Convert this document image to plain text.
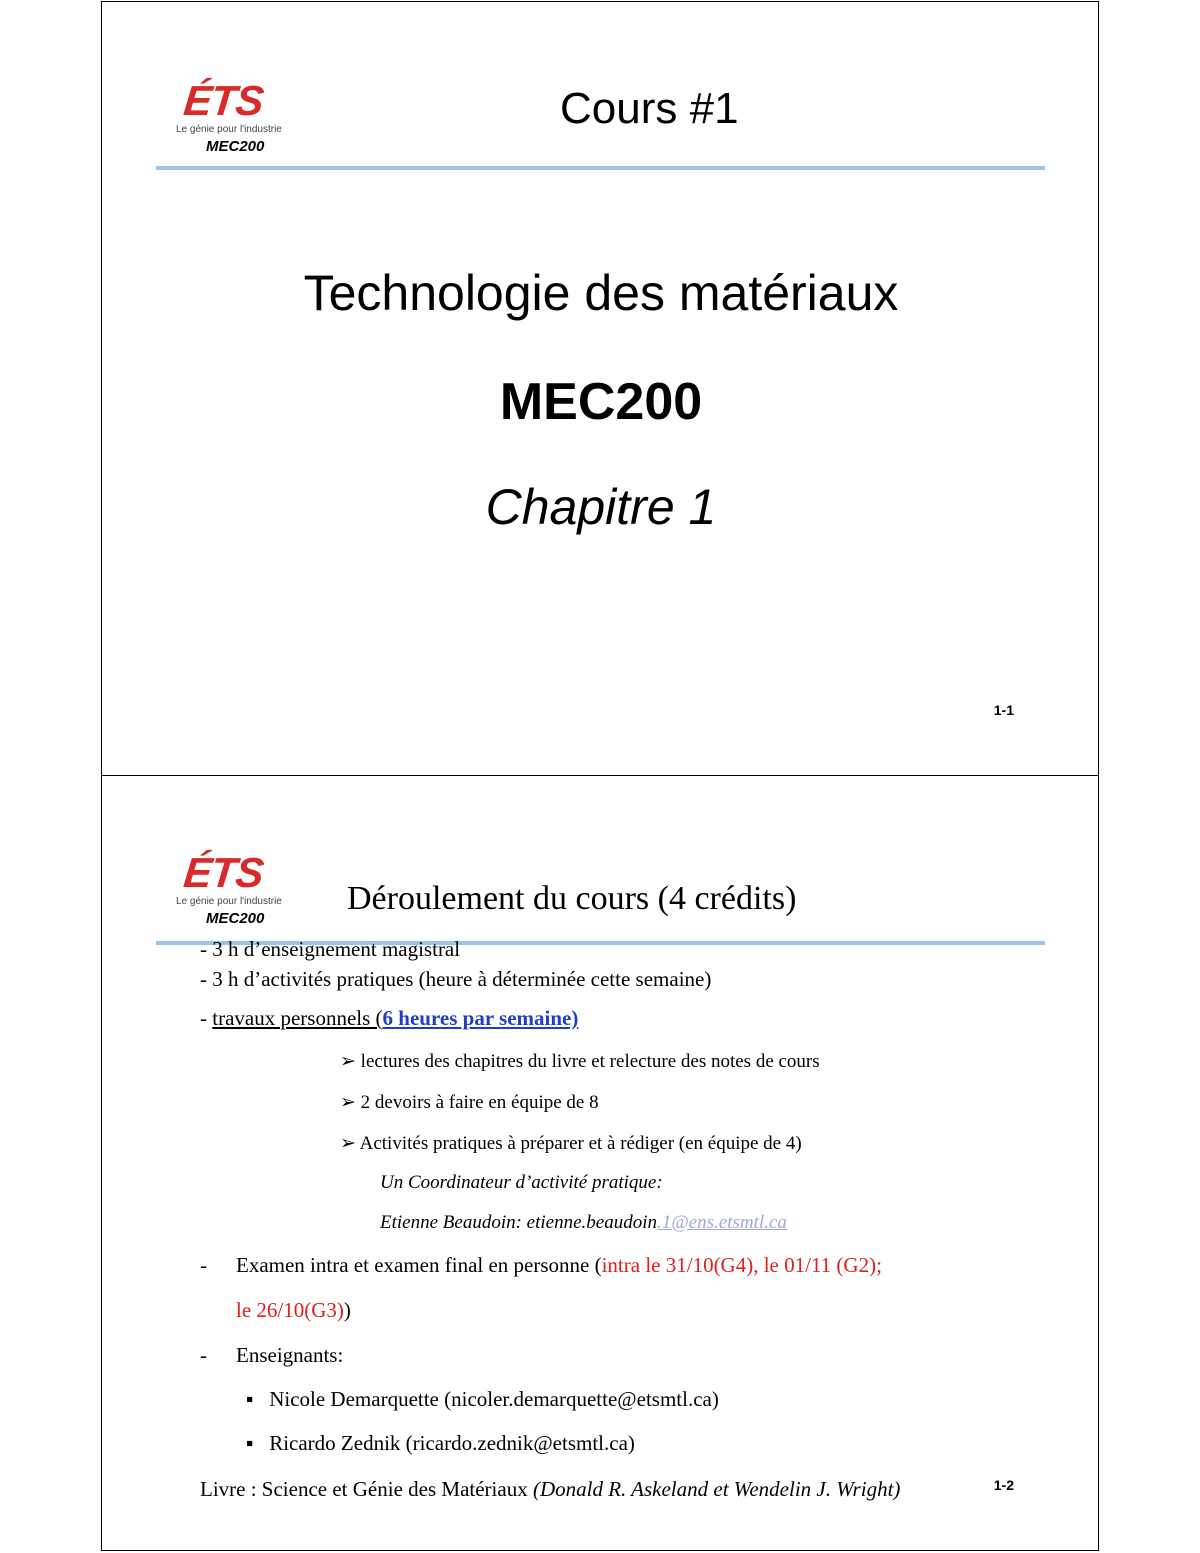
ÉTS
Le génie pour l'industrie
MEC200
Cours #1
Technologie des matériaux
MEC200
Chapitre 1
1-1
ÉTS
Le génie pour l'industrie
MEC200
Déroulement du cours (4 crédits)
- 3 h d’enseignement magistral
- 3 h d’activités pratiques (heure à déterminée cette semaine)
- travaux personnels (6 heures par semaine)
➢ lectures des chapitres du livre et relecture des notes de cours
➢ 2 devoirs à faire en équipe de 8
➢ Activités pratiques à préparer et à rédiger (en équipe de 4)
Un Coordinateur d’activité pratique:
Etienne Beaudoin: etienne.beaudoin.1@ens.etsmtl.ca
- Examen intra et examen final en personne (intra le 31/10(G4), le 01/11 (G2);
le 26/10(G3))
- Enseignants:
▪ Nicole Demarquette (nicoler.demarquette@etsmtl.ca)
▪ Ricardo Zednik (ricardo.zednik@etsmtl.ca)
Livre : Science et Génie des Matériaux (Donald R. Askeland et Wendelin J. Wright)	1-2
